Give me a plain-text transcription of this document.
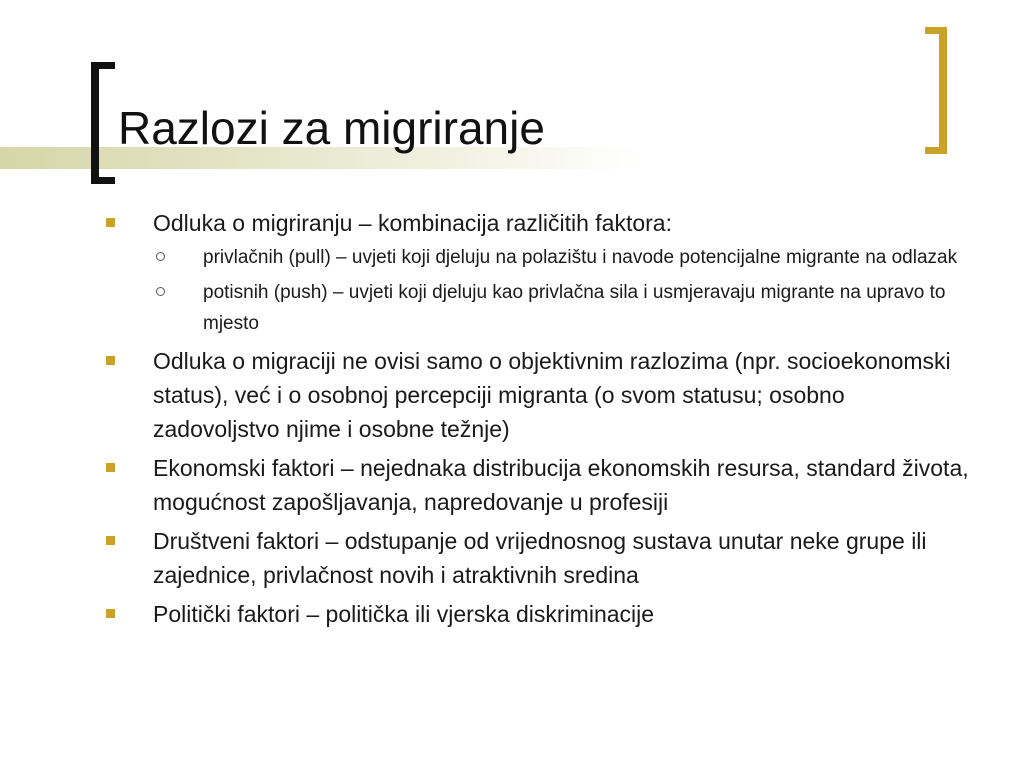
Razlozi za migriranje
Odluka o migriranju – kombinacija različitih faktora:
privlačnih (pull) – uvjeti koji djeluju na polazištu i navode potencijalne migrante na odlazak
potisnih (push) – uvjeti koji djeluju kao privlačna sila i usmjeravaju migrante na upravo to mjesto
Odluka o migraciji ne ovisi samo o objektivnim razlozima (npr. socioekonomski status), već i o osobnoj percepciji migranta (o svom statusu; osobno zadovoljstvo njime i osobne težnje)
Ekonomski faktori – nejednaka distribucija ekonomskih resursa, standard života, mogućnost zapošljavanja, napredovanje u profesiji
Društveni faktori – odstupanje od vrijednosnog sustava unutar neke grupe ili zajednice, privlačnost novih i atraktivnih sredina
Politički faktori – politička ili vjerska diskriminacije
